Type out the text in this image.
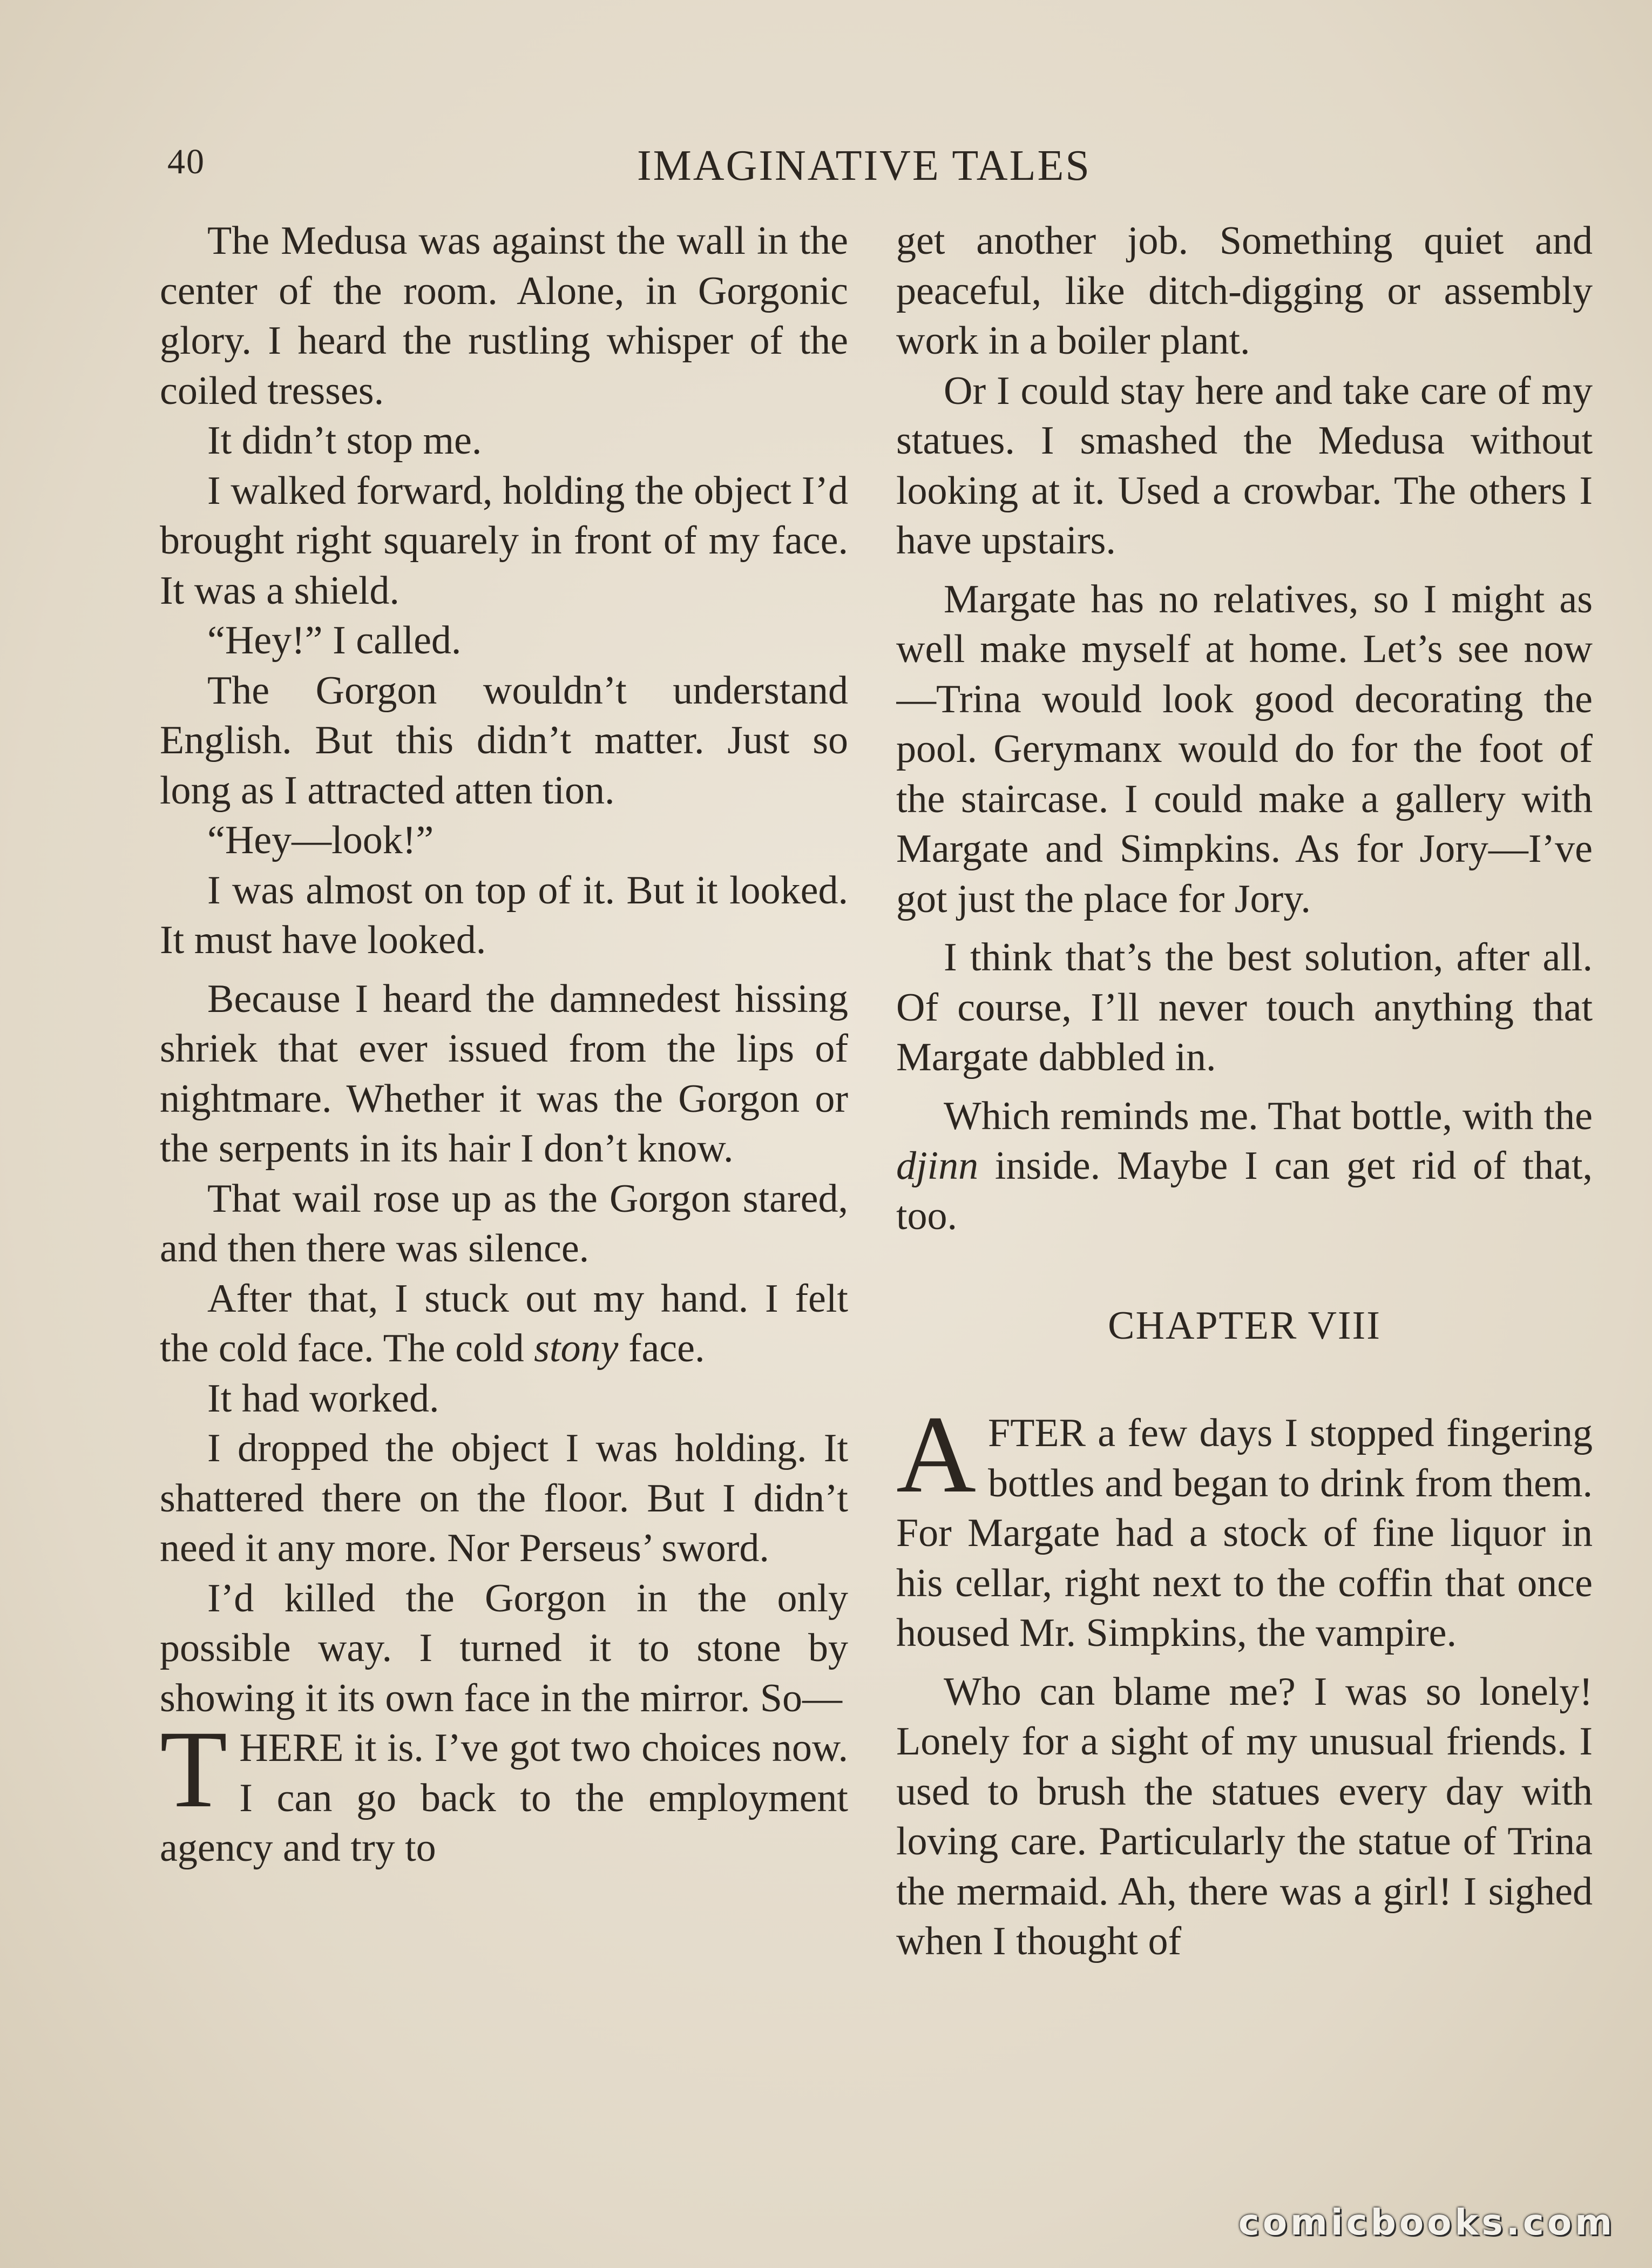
40	IMAGINATIVE TALES

The Medusa was against the wall in the center of the room. Alone, in Gorgonic glory. I heard the rustling whisper of the coiled tresses.

It didn’t stop me.

I walked forward, holding the object I’d brought right squarely in front of my face. It was a shield.

“Hey!” I called.

The Gorgon wouldn’t understand English. But this didn’t matter. Just so long as I attracted atten tion.

“Hey—look!”

I was almost on top of it. But it looked. It must have looked.

Because I heard the damnedest hissing shriek that ever issued from the lips of nightmare. Whether it was the Gorgon or the serpents in its hair I don’t know.

That wail rose up as the Gorgon stared, and then there was silence.

After that, I stuck out my hand. I felt the cold face. The cold stony face.

It had worked.

I dropped the object I was holding. It shattered there on the floor. But I didn’t need it any more. Nor Perseus’ sword.

I’d killed the Gorgon in the only possible way. I turned it to stone by showing it its own face in the mirror. So—

THERE it is. I’ve got two choices now. I can go back to the employment agency and try to

get another job. Something quiet and peaceful, like ditch-digging or assembly work in a boiler plant.

Or I could stay here and take care of my statues. I smashed the Medusa without looking at it. Used a crowbar. The others I have upstairs.

Margate has no relatives, so I might as well make myself at home. Let’s see now—Trina would look good decorating the pool. Gerymanx would do for the foot of the staircase. I could make a gallery with Margate and Simpkins. As for Jory—I’ve got just the place for Jory.

I think that’s the best solution, after all. Of course, I’ll never touch anything that Margate dabbled in.

Which reminds me. That bottle, with the djinn inside. Maybe I can get rid of that, too.

CHAPTER VIII

AFTER a few days I stopped fingering bottles and began to drink from them. For Margate had a stock of fine liquor in his cellar, right next to the coffin that once housed Mr. Simpkins, the vampire.

Who can blame me? I was so lonely! Lonely for a sight of my unusual friends. I used to brush the statues every day with loving care. Particularly the statue of Trina the mermaid. Ah, there was a girl! I sighed when I thought of

comicbooks.com
